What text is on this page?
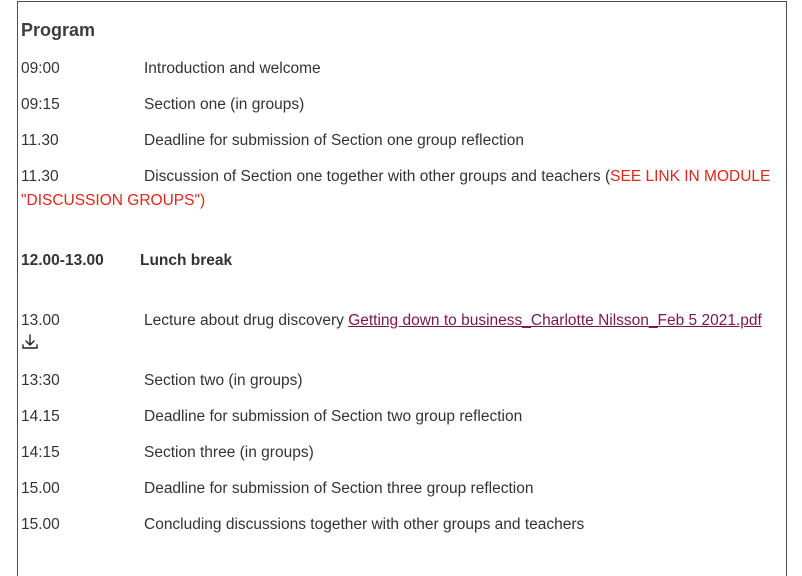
Program
09:00	Introduction and welcome
09:15	Section one (in groups)
11.30	Deadline for submission of Section one group reflection
11.30	Discussion of Section one together with other groups and teachers (SEE LINK IN MODULE
"DISCUSSION GROUPS")
12.00-13.00 Lunch break
13.00	Lecture about drug discovery Getting down to business_Charlotte Nilsson_Feb 5 2021.pdf
13:30	Section two (in groups)
14.15	Deadline for submission of Section two group reflection
14:15	Section three (in groups)
15.00	Deadline for submission of Section three group reflection
15.00	Concluding discussions together with other groups and teachers
